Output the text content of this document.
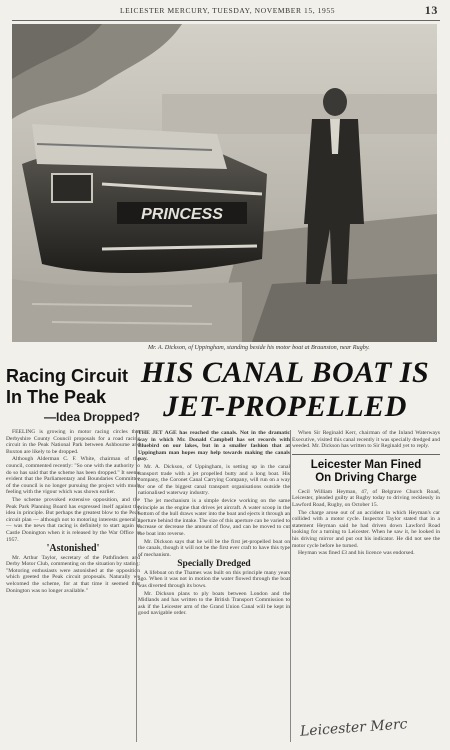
LEICESTER MERCURY, TUESDAY, NOVEMBER 15, 1955	13
PRINCESS
Mr. A. Dickson, of Uppingham, standing beside his motor boat at Braunston, near Rugby.
HIS CANAL BOAT IS
JET-PROPELLED
Racing Circuit
In The Peak
—Idea Dropped?

FEELING is growing in motor racing circles that Derbyshire County Council proposals for a road racing circuit in the Peak National Park between Ashbourne and Buxton are likely to be dropped.

Although Alderman C. F. White, chairman of the council, commented recently: "So one with the authority to do so has said that the scheme has been dropped." It seems evident that the Parliamentary and Boundaries Committee of the council is no longer pursuing the project with much feeling with the vigour which was shown earlier.

The scheme provoked extensive opposition, and the Peak Park Planning Board has expressed itself against the idea in principle. But perhaps the greatest blow to the Peak circuit plan — although not to motoring interests generally — was the news that racing is definitely to start again at Castle Donington when it is released by the War Office in 1957.

'Astonished'

Mr. Arthur Taylor, secretary of the Pathfinders and Derby Motor Club, commenting on the situation by stating: "Motoring enthusiasts were astonished at the opposition which greeted the Peak circuit proposals. Naturally we welcomed the scheme, for at that time it seemed that Donington was no longer available."

THE JET AGE has reached the canals. Not in the dramatic way in which Mr. Donald Campbell has set records with Bluebird on our lakes, but in a smaller fashion that at Uppingham man hopes may help towards making the canals pay.

Mr. A. Dickson, of Uppingham, is setting up in the canal transport trade with a jet propelled butty and a long boat. His company, the Coronet Canal Carrying Company, will run on a way for one of the biggest canal transport organisations outside the nationalised waterway industry.

The jet mechanism is a simple device working on the same principle as the engine that drives jet aircraft. A water scoop in the bottom of the hull draws water into the boat and ejects it through an aperture behind the intake. The size of this aperture can be varied to increase or decrease the amount of flow, and can be moved to cut the boat into reverse.

Mr. Dickson says that he will be the first jet-propelled boat on the canals, though it will not be the first ever craft to have this type of mechanism.

Specially Dredged

A lifeboat on the Thames was built on this principle many years ago. When it was not in motion the water flowed through the boat was diverted through its bows.

Mr. Dickson plans to ply boats between London and the Midlands and has written to the British Transport Commission to ask if the Leicester arm of the Grand Union Canal will be kept in good navigable order.

When Sir Reginald Kerr, chairman of the Inland Waterways Executive, visited this canal recently it was specially dredged and weeded. Mr. Dickson has written to Sir Reginald yet to reply.

Leicester Man Fined
On Driving Charge

Cecil William Heyman, 47, of Belgrave Church Road, Leicester, pleaded guilty at Rugby today to driving recklessly in Lawford Road, Rugby, on October 15.

The charge arose out of an accident in which Heyman's car collided with a motor cycle. Inspector Taylor stated that in a statement Heyman said he had driven down Lawford Road looking for a turning to Leicester. When he saw it, he looked in his driving mirror and put out his indicator. He did not see the motor cycle before he turned.

Heyman was fined £3 and his licence was endorsed.

Leicester Merc
